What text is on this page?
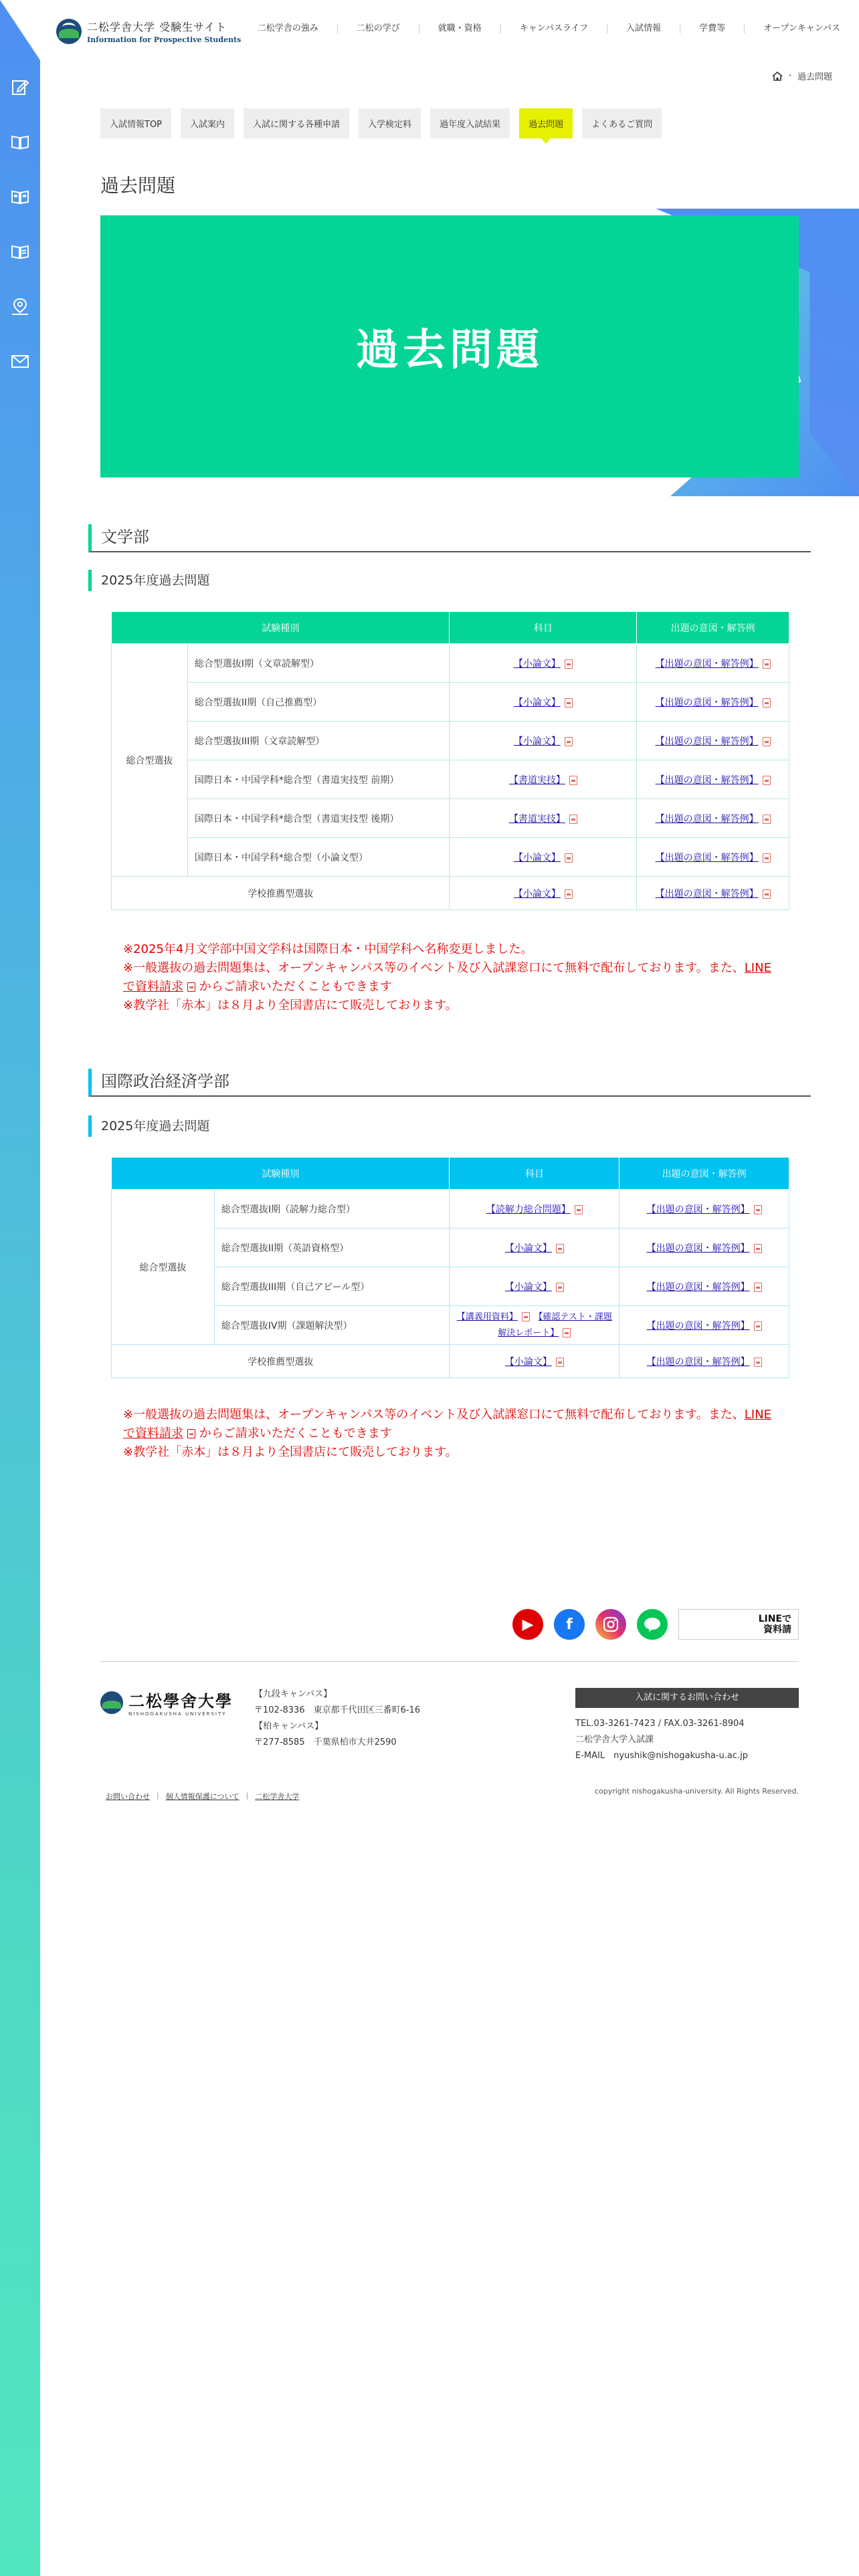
二松学舎大学 受験生サイト
Information for Prospective Students
二松学舎の強み	二松の学び	就職・資格	キャンパスライフ	入試情報	学費等	オープンキャンパス
• 過去問題
入試情報TOP	入試案内	入試に関する各種申請	入学検定料	過年度入試結果	過去問題	よくあるご質問
過去問題
過去問題
文学部
2025年度過去問題
試験種別		科目	出題の意図・解答例
総合型選抜	総合型選抜I期（文章読解型）	【小論文】	【出題の意図・解答例】
	総合型選抜II期（自己推薦型）	【小論文】	【出題の意図・解答例】
	総合型選抜III期（文章読解型）	【小論文】	【出題の意図・解答例】
	国際日本・中国学科*総合型（書道実技型 前期）	【書道実技】	【出題の意図・解答例】
	国際日本・中国学科*総合型（書道実技型 後期）	【書道実技】	【出題の意図・解答例】
	国際日本・中国学科*総合型（小論文型）	【小論文】	【出題の意図・解答例】
学校推薦型選抜		【小論文】	【出題の意図・解答例】
※2025年4月文学部中国文学科は国際日本・中国学科へ名称変更しました。
※一般選抜の過去問題集は、オープンキャンパス等のイベント及び入試課窓口にて無料で配布しております。また、LINEで資料請求 からご請求いただくこともできます
※教学社「赤本」は８月より全国書店にて販売しております。
国際政治経済学部
2025年度過去問題
試験種別		科目	出題の意図・解答例
総合型選抜	総合型選抜I期（読解力総合型）	【読解力総合問題】	【出題の意図・解答例】
	総合型選抜II期（英語資格型）	【小論文】	【出題の意図・解答例】
	総合型選抜III期（自己アピール型）	【小論文】	【出題の意図・解答例】
	総合型選抜IV期（課題解決型）	【講義用資料】　 【確認テスト・課題解決レポート】	【出題の意図・解答例】
学校推薦型選抜		【小論文】	【出題の意図・解答例】
※一般選抜の過去問題集は、オープンキャンパス等のイベント及び入試課窓口にて無料で配布しております。また、LINEで資料請求 からご請求いただくこともできます
※教学社「赤本」は８月より全国書店にて販売しております。
▶	f	LINEで
資料請
二松學舍大學
NISHOGAKUSHA UNIVERSITY
【九段キャンパス】
〒102-8336　東京都千代田区三番町6-16
【柏キャンパス】
〒277-8585　千葉県柏市大井2590
入試に関するお問い合わせ
TEL.03-3261-7423 / FAX.03-3261-8904
二松学舎大学入試課
E-MAIL　nyushik@nishogakusha-u.ac.jp
お問い合わせ | 個人情報保護について | 二松学舎大学
copyright nishogakusha-university. All Rights Reserved.
